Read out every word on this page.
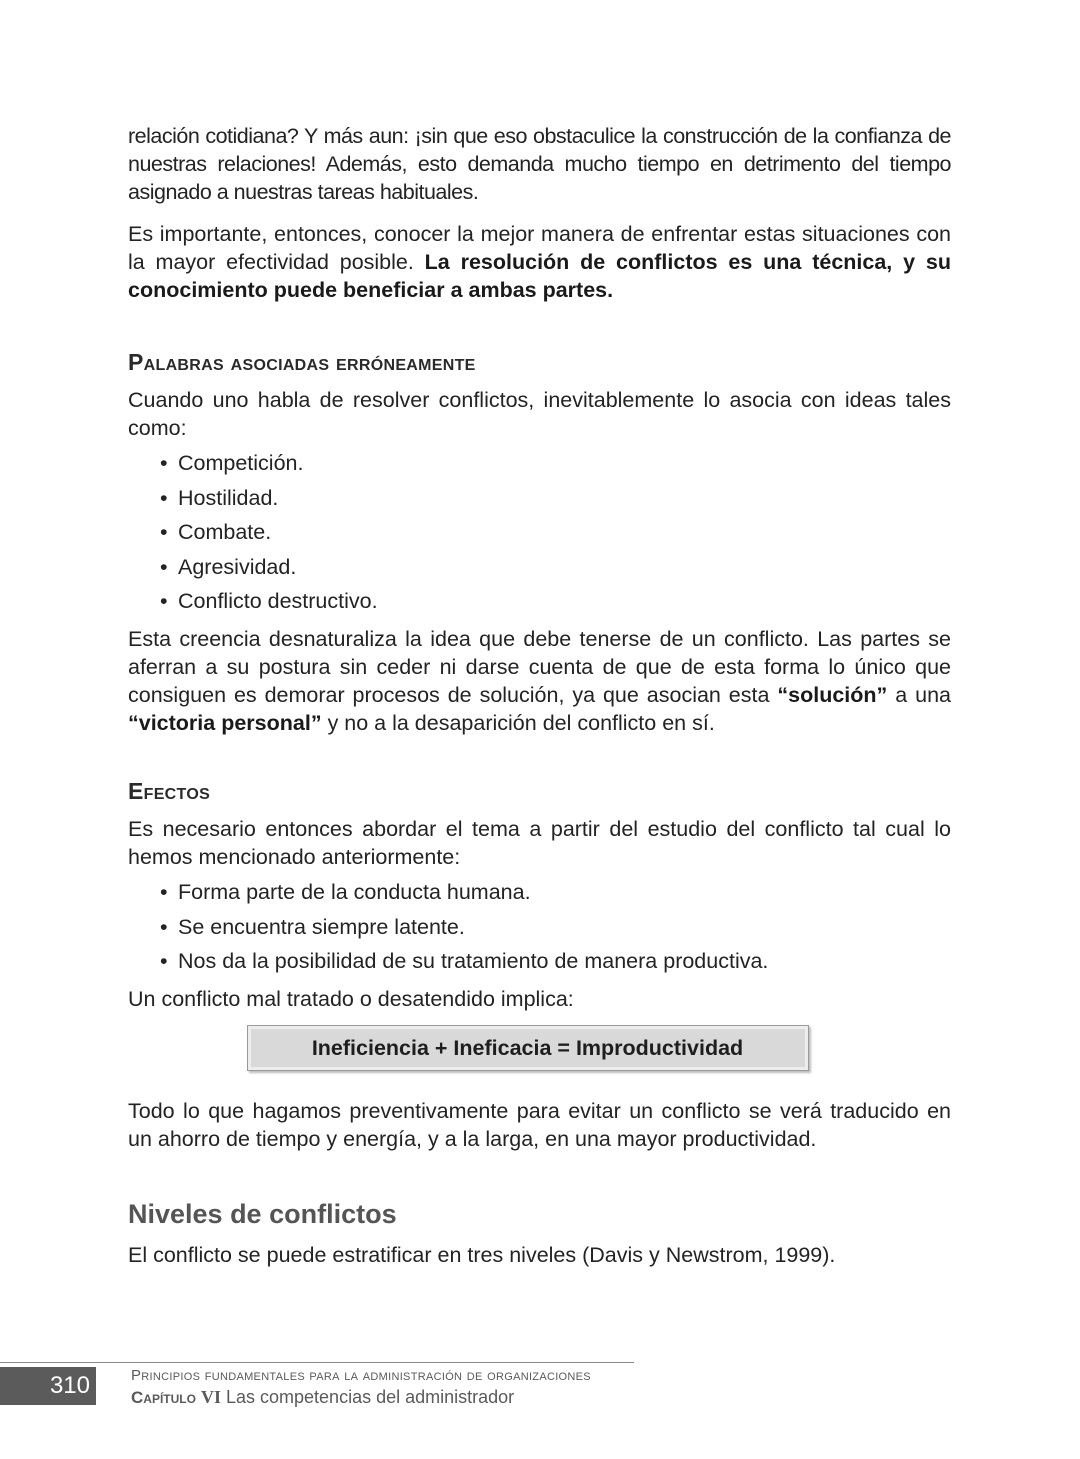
relación cotidiana? Y más aun: ¡sin que eso obstaculice la construcción de la confianza de nuestras relaciones! Además, esto demanda mucho tiempo en detrimento del tiempo asignado a nuestras tareas habituales.

Es importante, entonces, conocer la mejor manera de enfrentar estas situaciones con la mayor efectividad posible. La resolución de conflictos es una técnica, y su conocimiento puede beneficiar a ambas partes.

Palabras asociadas erróneamente

Cuando uno habla de resolver conflictos, inevitablemente lo asocia con ideas tales como:

• Competición.
• Hostilidad.
• Combate.
• Agresividad.
• Conflicto destructivo.

Esta creencia desnaturaliza la idea que debe tenerse de un conflicto. Las partes se aferran a su postura sin ceder ni darse cuenta de que de esta forma lo único que consiguen es demorar procesos de solución, ya que asocian esta “solución” a una “victoria personal” y no a la desaparición del conflicto en sí.

Efectos

Es necesario entonces abordar el tema a partir del estudio del conflicto tal cual lo hemos mencionado anteriormente:

• Forma parte de la conducta humana.
• Se encuentra siempre latente.
• Nos da la posibilidad de su tratamiento de manera productiva.

Un conflicto mal tratado o desatendido implica:

Ineficiencia + Ineficacia = Improductividad

Todo lo que hagamos preventivamente para evitar un conflicto se verá traducido en un ahorro de tiempo y energía, y a la larga, en una mayor productividad.

Niveles de conflictos

El conflicto se puede estratificar en tres niveles (Davis y Newstrom, 1999).

310	Principios fundamentales para la administración de organizaciones
Capítulo VI Las competencias del administrador
